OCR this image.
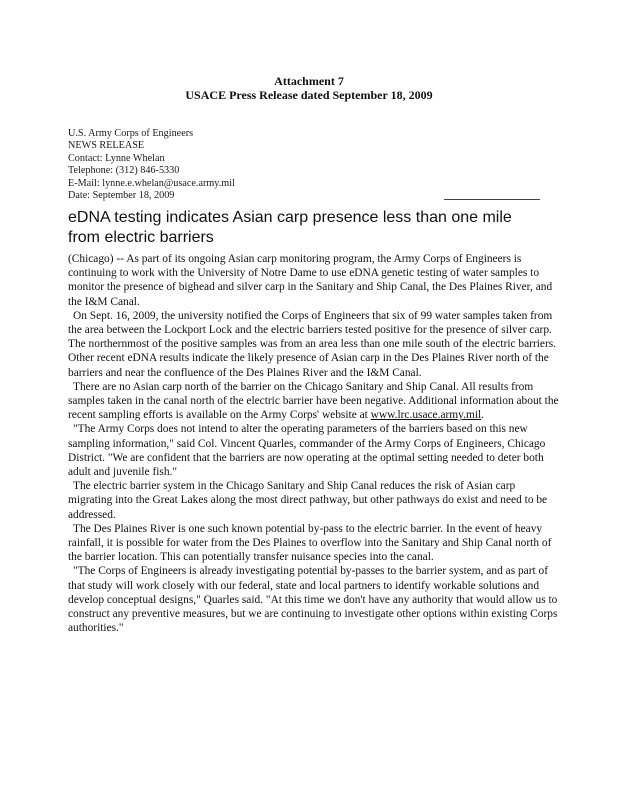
Attachment 7
USACE Press Release dated September 18, 2009
U.S. Army Corps of Engineers
NEWS RELEASE
Contact: Lynne Whelan
Telephone: (312) 846-5330
E-Mail: lynne.e.whelan@usace.army.mil
Date: September 18, 2009
eDNA testing indicates Asian carp presence less than one mile from electric barriers

(Chicago) -- As part of its ongoing Asian carp monitoring program, the Army Corps of Engineers is continuing to work with the University of Notre Dame to use eDNA genetic testing of water samples to monitor the presence of bighead and silver carp in the Sanitary and Ship Canal, the Des Plaines River, and the I&M Canal.

On Sept. 16, 2009, the university notified the Corps of Engineers that six of 99 water samples taken from the area between the Lockport Lock and the electric barriers tested positive for the presence of silver carp. The northernmost of the positive samples was from an area less than one mile south of the electric barriers. Other recent eDNA results indicate the likely presence of Asian carp in the Des Plaines River north of the barriers and near the confluence of the Des Plaines River and the I&M Canal.

There are no Asian carp north of the barrier on the Chicago Sanitary and Ship Canal. All results from samples taken in the canal north of the electric barrier have been negative. Additional information about the recent sampling efforts is available on the Army Corps' website at www.lrc.usace.army.mil.

"The Army Corps does not intend to alter the operating parameters of the barriers based on this new sampling information," said Col. Vincent Quarles, commander of the Army Corps of Engineers, Chicago District. "We are confident that the barriers are now operating at the optimal setting needed to deter both adult and juvenile fish."

The electric barrier system in the Chicago Sanitary and Ship Canal reduces the risk of Asian carp migrating into the Great Lakes along the most direct pathway, but other pathways do exist and need to be addressed.

The Des Plaines River is one such known potential by-pass to the electric barrier. In the event of heavy rainfall, it is possible for water from the Des Plaines to overflow into the Sanitary and Ship Canal north of the barrier location. This can potentially transfer nuisance species into the canal.

"The Corps of Engineers is already investigating potential by-passes to the barrier system, and as part of that study will work closely with our federal, state and local partners to identify workable solutions and develop conceptual designs," Quarles said. "At this time we don't have any authority that would allow us to construct any preventive measures, but we are continuing to investigate other options within existing Corps authorities."
